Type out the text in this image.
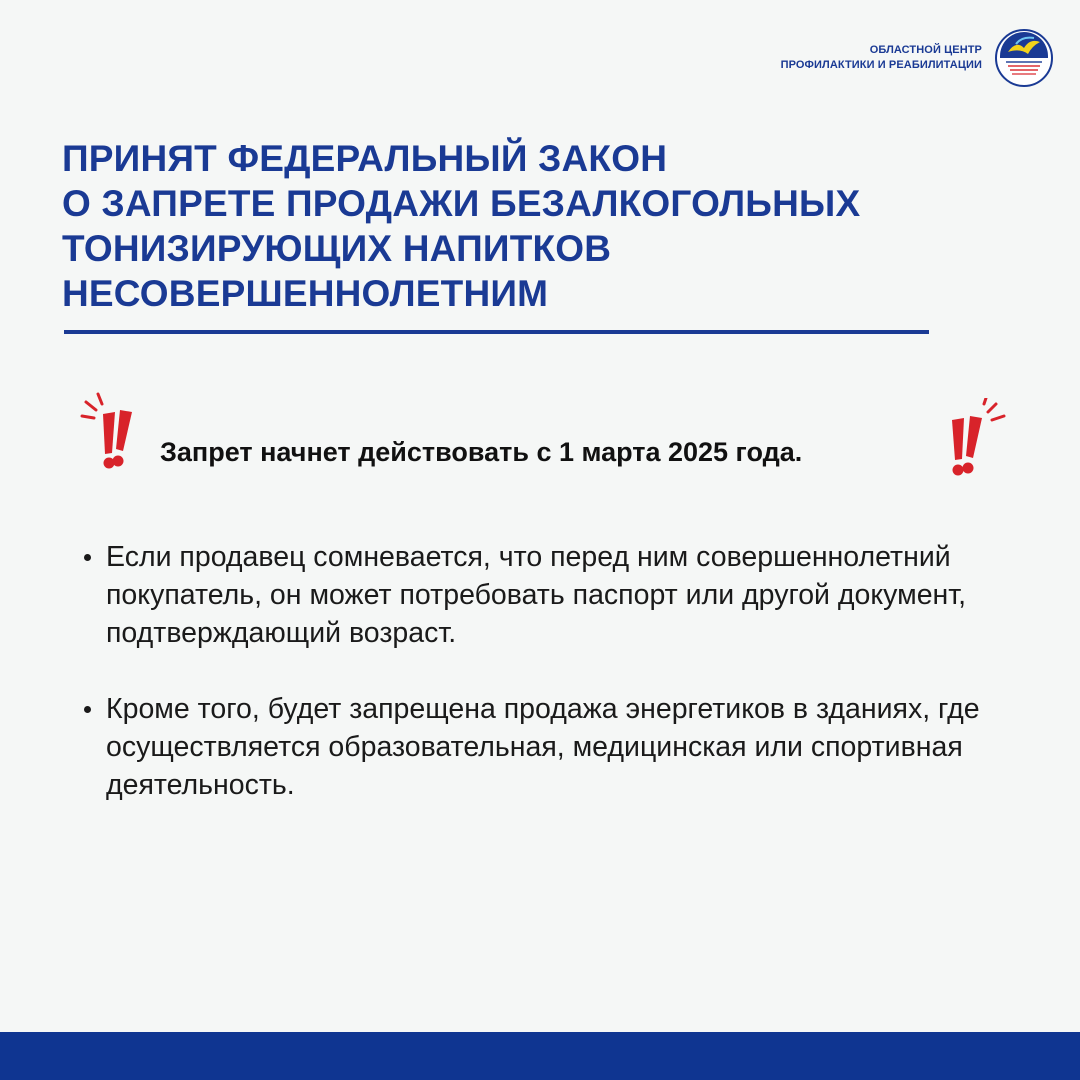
ОБЛАСТНОЙ ЦЕНТР
ПРОФИЛАКТИКИ И РЕАБИЛИТАЦИИ
ПРИНЯТ ФЕДЕРАЛЬНЫЙ ЗАКОН
О ЗАПРЕТЕ ПРОДАЖИ БЕЗАЛКОГОЛЬНЫХ
ТОНИЗИРУЮЩИХ НАПИТКОВ
НЕСОВЕРШЕННОЛЕТНИМ

Запрет начнет действовать с 1 марта 2025 года.

Если продавец сомневается, что перед ним совершеннолетний покупатель, он может потребовать паспорт или другой документ, подтверждающий возраст.
Кроме того, будет запрещена продажа энергетиков в зданиях, где осуществляется образовательная, медицинская или спортивная деятельность.
